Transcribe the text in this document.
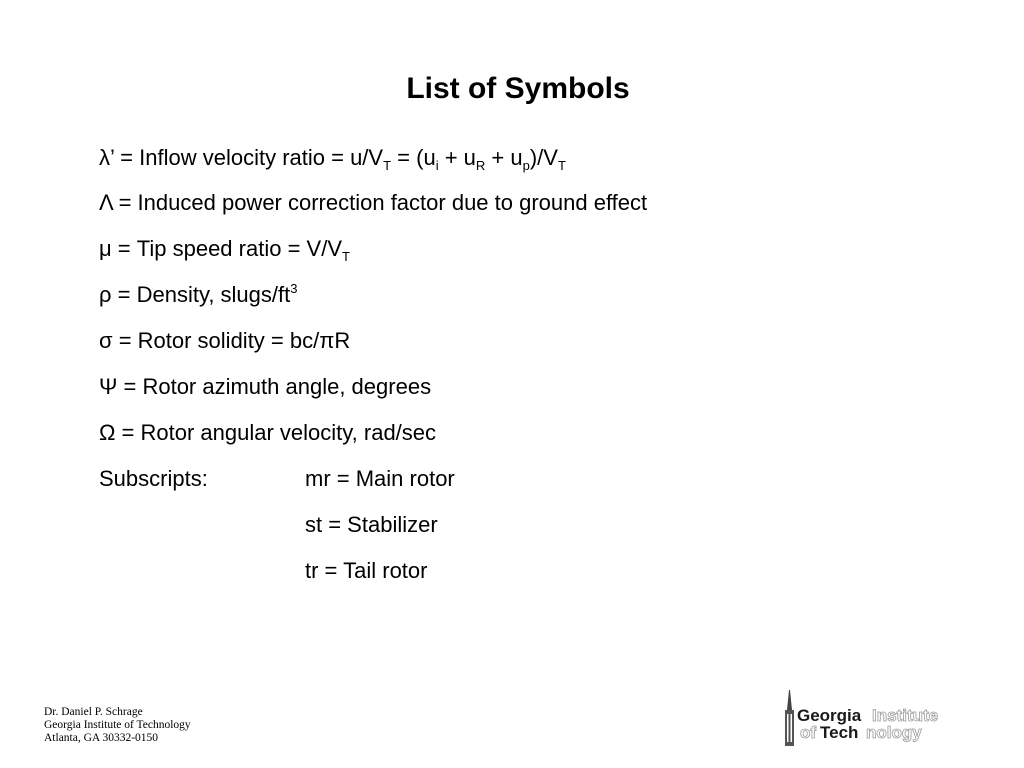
List of Symbols
λ’ = Inflow velocity ratio = $u/V_T = (u_i + u_R + u_p)/V_T$
Λ = Induced power correction factor due to ground effect
μ = Tip speed ratio = $V/V_T$
ρ = Density, slugs/$ft^3$
σ = Rotor solidity = bc/πR
Ψ = Rotor azimuth angle, degrees
Ω = Rotor angular velocity, rad/sec
Subscripts:	mr = Main rotor
st = Stabilizer
tr = Tail rotor
Dr. Daniel P. Schrage
Georgia Institute of Technology
Atlanta, GA 30332-0150
Georgia Institute
of Tech nology
